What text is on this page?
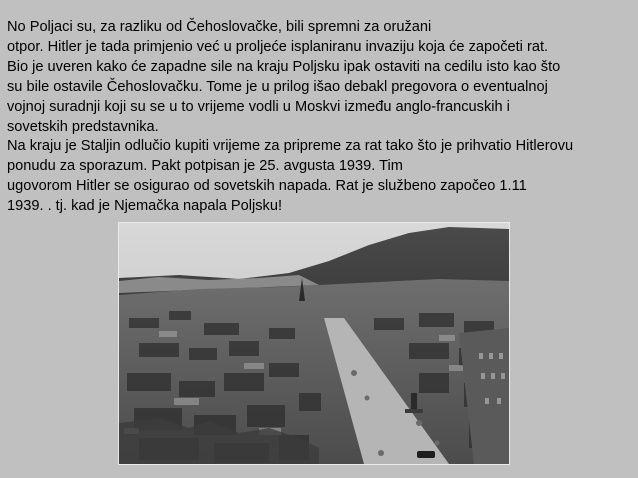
No Poljaci su, za razliku od Čehoslovačke, bili spremni za oružani
otpor. Hitler je tada primjenio već u proljeće isplaniranu invaziju koja će započeti rat.
Bio je uveren kako će zapadne sile na kraju Poljsku ipak ostaviti na cedilu isto kao što
su bile ostavile Čehoslovačku. Tome je u prilog išao debakl pregovora o eventualnoj
vojnoj suradnji koji su se u to vrijeme vodli u Moskvi između anglo-francuskih i
sovetskih predstavnika.
Na kraju je Staljin odlučio kupiti vrijeme za pripreme za rat tako što je prihvatio Hitlerovu
ponudu za sporazum. Pakt potpisan je 25. avgusta 1939. Tim
ugovorom Hitler se osigurao od sovetskih napada. Rat je službeno započeo 1.11
1939. . tj. kad je Njemačka napala Poljsku!
